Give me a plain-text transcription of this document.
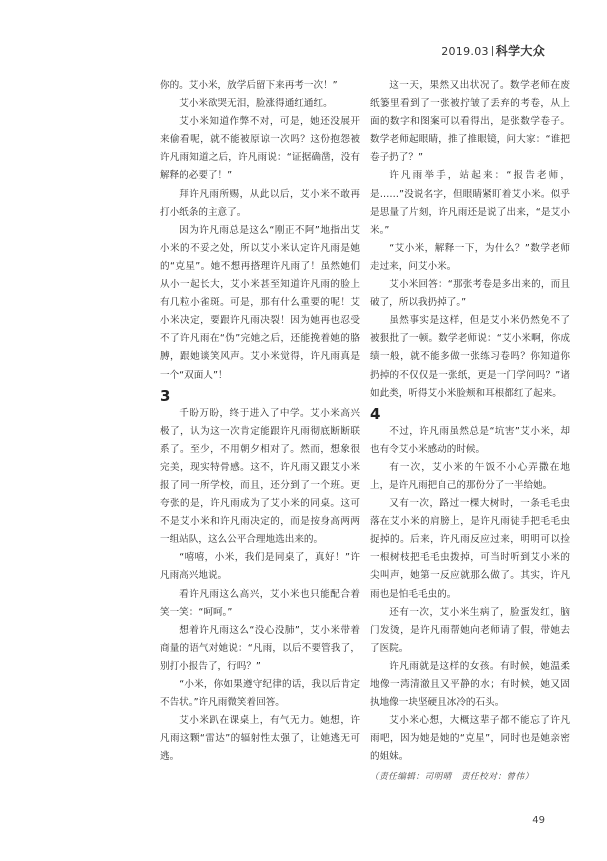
2019.03 科学大众

你的。艾小米，放学后留下来再考一次！”

艾小米欲哭无泪，脸涨得通红通红。

艾小米知道作弊不对，可是，她还没展开来偷看呢，就不能被原谅一次吗？这份抱怨被许凡雨知道之后，许凡雨说：“证据确凿，没有解释的必要了！”

拜许凡雨所赐，从此以后，艾小米不敢再打小纸条的主意了。

因为许凡雨总是这么“刚正不阿”地指出艾小米的不妥之处，所以艾小米认定许凡雨是她的“克星”。她不想再搭理许凡雨了！虽然她们从小一起长大，艾小米甚至知道许凡雨的脸上有几粒小雀斑。可是，那有什么重要的呢！艾小米决定，要跟许凡雨决裂！因为她再也忍受不了许凡雨在“伪”完她之后，还能挽着她的胳膊，跟她谈笑风声。艾小米觉得，许凡雨真是一个“双面人”！

3

千盼万盼，终于进入了中学。艾小米高兴极了，认为这一次肯定能跟许凡雨彻底断断联系了。至少，不用朝夕相对了。然而，想象很完美，现实特骨感。这不，许凡雨又跟艾小米报了同一所学校，而且，还分到了一个班。更夸张的是，许凡雨成为了艾小米的同桌。这可不是艾小米和许凡雨决定的，而是按身高两两一组站队，这么公平合理地选出来的。

“嘻嘻，小米，我们是同桌了，真好！”许凡雨高兴地说。

看许凡雨这么高兴，艾小米也只能配合着笑一笑：“呵呵。”

想着许凡雨这么“没心没肺”，艾小米带着商量的语气对她说：“凡雨，以后不要管我了，别打小报告了，行吗？”

“小米，你如果遵守纪律的话，我以后肯定不告状。”许凡雨微笑着回答。

艾小米趴在课桌上，有气无力。她想，许凡雨这颗“雷达”的辐射性太强了，让她逃无可逃。

这一天，果然又出状况了。数学老师在废纸篓里看到了一张被拧皱了丢弃的考卷，从上面的数字和图案可以看得出，是张数学卷子。数学老师起眼睛，推了推眼镜，问大家：“谁把卷子扔了？”

许凡雨举手，站起来：“报告老师，是……”没说名字，但眼睛紧盯着艾小米。似乎是思量了片刻，许凡雨还是说了出来，“是艾小米。”

“艾小米，解释一下，为什么？”数学老师走过来，问艾小米。

艾小米回答：“那张考卷是多出来的，而且破了，所以我扔掉了。”

虽然事实是这样，但是艾小米仍然免不了被狠批了一顿。数学老师说：“艾小米啊，你成绩一般，就不能多做一张练习卷吗？你知道你扔掉的不仅仅是一张纸，更是一门学问吗？”诸如此类，听得艾小米脸颊和耳根都红了起来。

4

不过，许凡雨虽然总是“坑害”艾小米，却也有令艾小米感动的时候。

有一次，艾小米的午饭不小心弄撒在地上，是许凡雨把自己的那份分了一半给她。

又有一次，路过一棵大树时，一条毛毛虫落在艾小米的肩膀上，是许凡雨徒手把毛毛虫捉掉的。后来，许凡雨反应过来，明明可以捡一根树枝把毛毛虫拨掉，可当时听到艾小米的尖叫声，她第一反应就那么做了。其实，许凡雨也是怕毛毛虫的。

还有一次，艾小米生病了，脸蛋发红，脑门发烫，是许凡雨帮她向老师请了假，带她去了医院。

许凡雨就是这样的女孩。有时候，她温柔地像一湾清澈且又平静的水；有时候，她又固执地像一块坚硬且冰冷的石头。

艾小米心想，大概这辈子都不能忘了许凡雨吧，因为她是她的“克星”，同时也是她亲密的姐妹。

（责任编辑：司明晴　责任校对：曾伟）
49
